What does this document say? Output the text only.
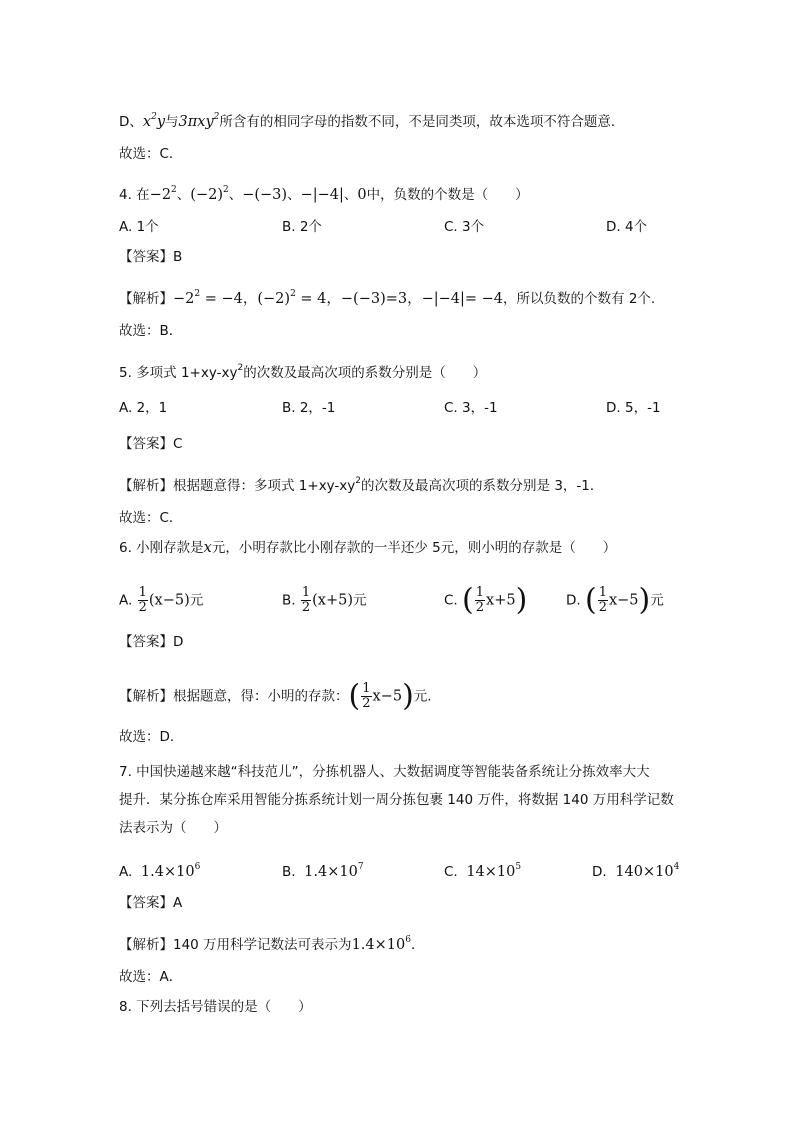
D、$x^2y$与3πxy$^2$所含有的相同字母的指数不同，不是同类项，故本选项不符合题意．
故选：C．
4. 在$-2^2$、$(-2)^2$、−(−3)、−|−4|、0中，负数的个数是（　　）
A. 1个	B. 2个	C. 3个	D. 4个
【答案】B
【解析】$-2^2 = -4$，$(-2)^2 = 4$，−(−3)=3，−|−4|= −4，所以负数的个数有 2个.
故选：B．
5. 多项式 $1+xy-xy^2$的次数及最高次项的系数分别是（　　）
A. 2，1	B. 2，-1	C. 3，-1	D. 5，-1
【答案】C
【解析】根据题意得：多项式 $1+xy-xy^2$的次数及最高次项的系数分别是 3，-1．
故选：C．
6. 小刚存款是x元，小明存款比小刚存款的一半还少 5元，则小明的存款是（　　）
A. $\frac{1}{2} (x-5)$元	B. $\frac{1}{2} (x+5)$元	C. ( $\frac{1}{2} x+5$)	D. ( $\frac{1}{2} x-5$)元
【答案】D
【解析】根据题意，得：小明的存款：( $\frac{1}{2} x-5$)元.
故选：D．
7. 中国快递越来越“科技范儿”，分拣机器人、大数据调度等智能装备系统让分拣效率大大
提升．某分拣仓库采用智能分拣系统计划一周分拣包裹 140 万件，将数据 140 万用科学记数
法表示为（　　）
A. $1.4\times 10^6$	B. $1.4\times 10^7$	C. $14\times 10^5$	D. $140\times 10^4$
【答案】A
【解析】140 万用科学记数法可表示为$1.4\times 10^6$．
故选：A．
8. 下列去括号错误的是（　　）
